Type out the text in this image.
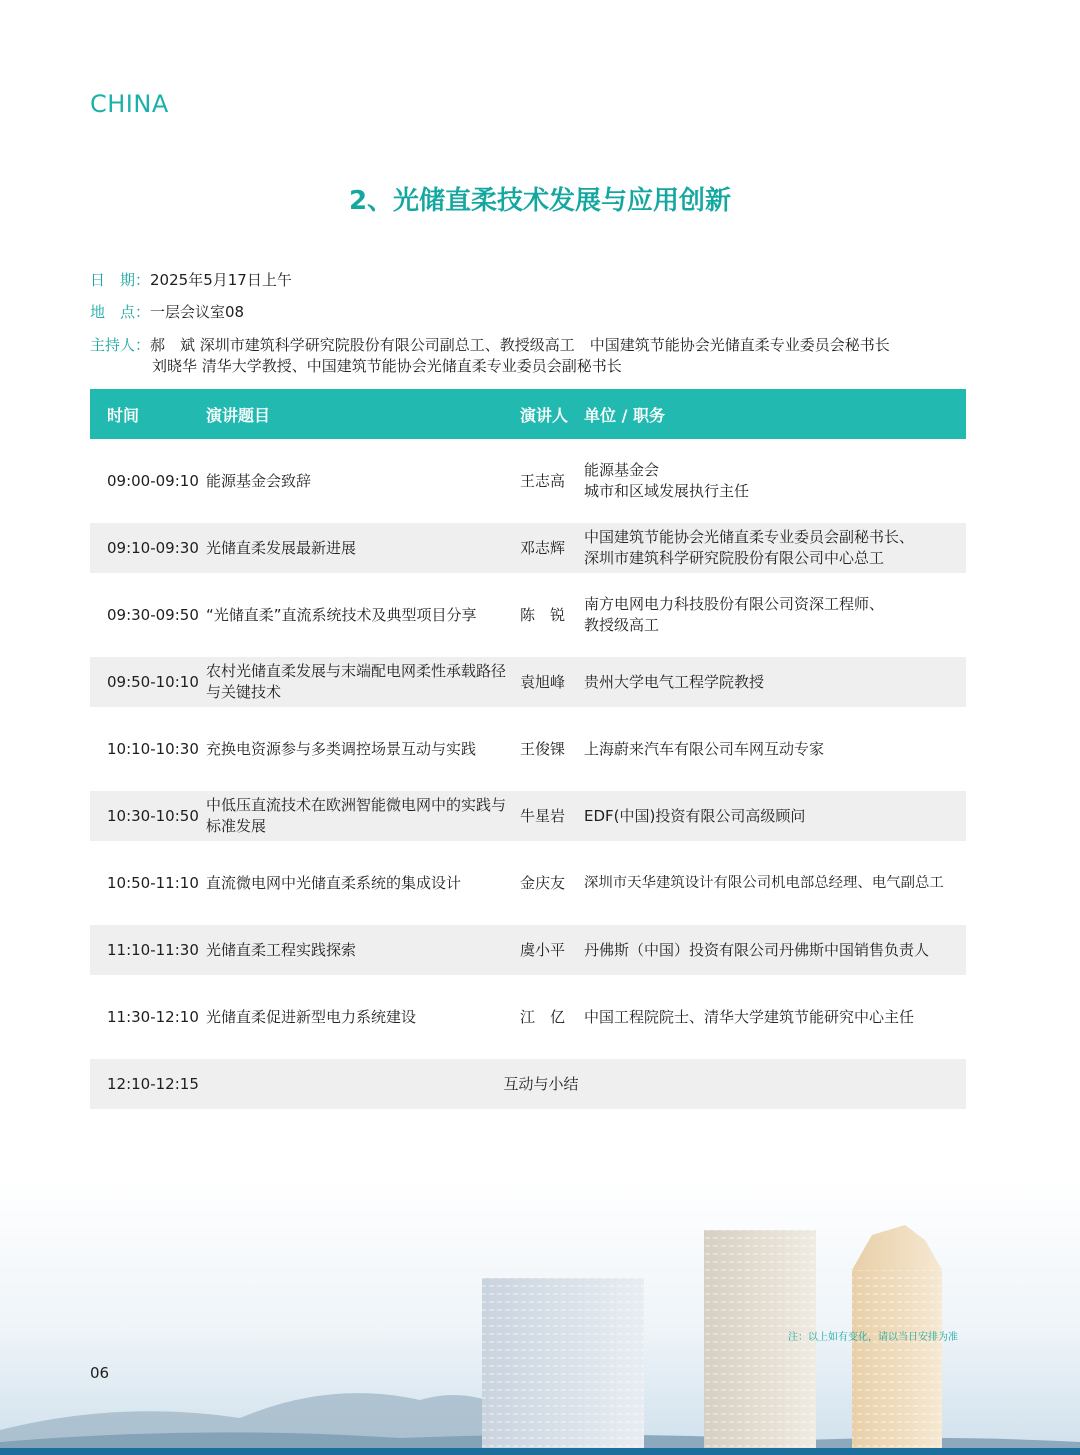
CHINA
2、光储直柔技术发展与应用创新
日　期：2025年5月17日上午
地　点：一层会议室08
主持人：郝　斌 深圳市建筑科学研究院股份有限公司副总工、教授级高工　中国建筑节能协会光储直柔专业委员会秘书长
刘晓华 清华大学教授、中国建筑节能协会光储直柔专业委员会副秘书长
时间	演讲题目	演讲人	单位 / 职务

09:00-09:10	能源基金会致辞	王志高	能源基金会
城市和区域发展执行主任

09:10-09:30	光储直柔发展最新进展	邓志辉	中国建筑节能协会光储直柔专业委员会副秘书长、
深圳市建筑科学研究院股份有限公司中心总工

09:30-09:50	“光储直柔”直流系统技术及典型项目分享	陈　锐	南方电网电力科技股份有限公司资深工程师、
教授级高工

09:50-10:10	农村光储直柔发展与末端配电网柔性承载路径与关键技术	袁旭峰	贵州大学电气工程学院教授

10:10-10:30	充换电资源参与多类调控场景互动与实践	王俊锞	上海蔚来汽车有限公司车网互动专家

10:30-10:50	中低压直流技术在欧洲智能微电网中的实践与标准发展	牛星岩	EDF(中国)投资有限公司高级顾问

10:50-11:10	直流微电网中光储直柔系统的集成设计	金庆友	深圳市天华建筑设计有限公司机电部总经理、电气副总工

11:10-11:30	光储直柔工程实践探索	虞小平	丹佛斯（中国）投资有限公司丹佛斯中国销售负责人

11:30-12:10	光储直柔促进新型电力系统建设	江　亿	中国工程院院士、清华大学建筑节能研究中心主任

12:10-12:15	互动与小结		
注：以上如有变化，请以当日安排为准
06
